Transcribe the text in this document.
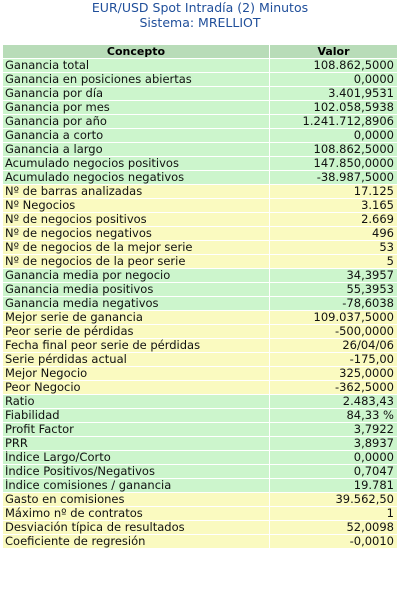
EUR/USD Spot Intradía (2) Minutos
Sistema: MRELLIOT
Concepto	Valor
Ganancia total	108.862,5000
Ganancia en posiciones abiertas	0,0000
Ganancia por día	3.401,9531
Ganancia por mes	102.058,5938
Ganancia por año	1.241.712,8906
Ganancia a corto	0,0000
Ganancia a largo	108.862,5000
Acumulado negocios positivos	147.850,0000
Acumulado negocios negativos	-38.987,5000
Nº de barras analizadas	17.125
Nº Negocios	3.165
Nº de negocios positivos	2.669
Nº de negocios negativos	496
Nº de negocios de la mejor serie	53
Nº de negocios de la peor serie	5
Ganancia media por negocio	34,3957
Ganancia media positivos	55,3953
Ganancia media negativos	-78,6038
Mejor serie de ganancia	109.037,5000
Peor serie de pérdidas	-500,0000
Fecha final peor serie de pérdidas	26/04/06
Serie pérdidas actual	-175,00
Mejor Negocio	325,0000
Peor Negocio	-362,5000
Ratio	2.483,43
Fiabilidad	84,33 %
Profit Factor	3,7922
PRR	3,8937
Índice Largo/Corto	0,0000
Índice Positivos/Negativos	0,7047
Índice comisiones / ganancia	19.781
Gasto en comisiones	39.562,50
Máximo nº de contratos	1
Desviación típica de resultados	52,0098
Coeficiente de regresión	-0,0010
